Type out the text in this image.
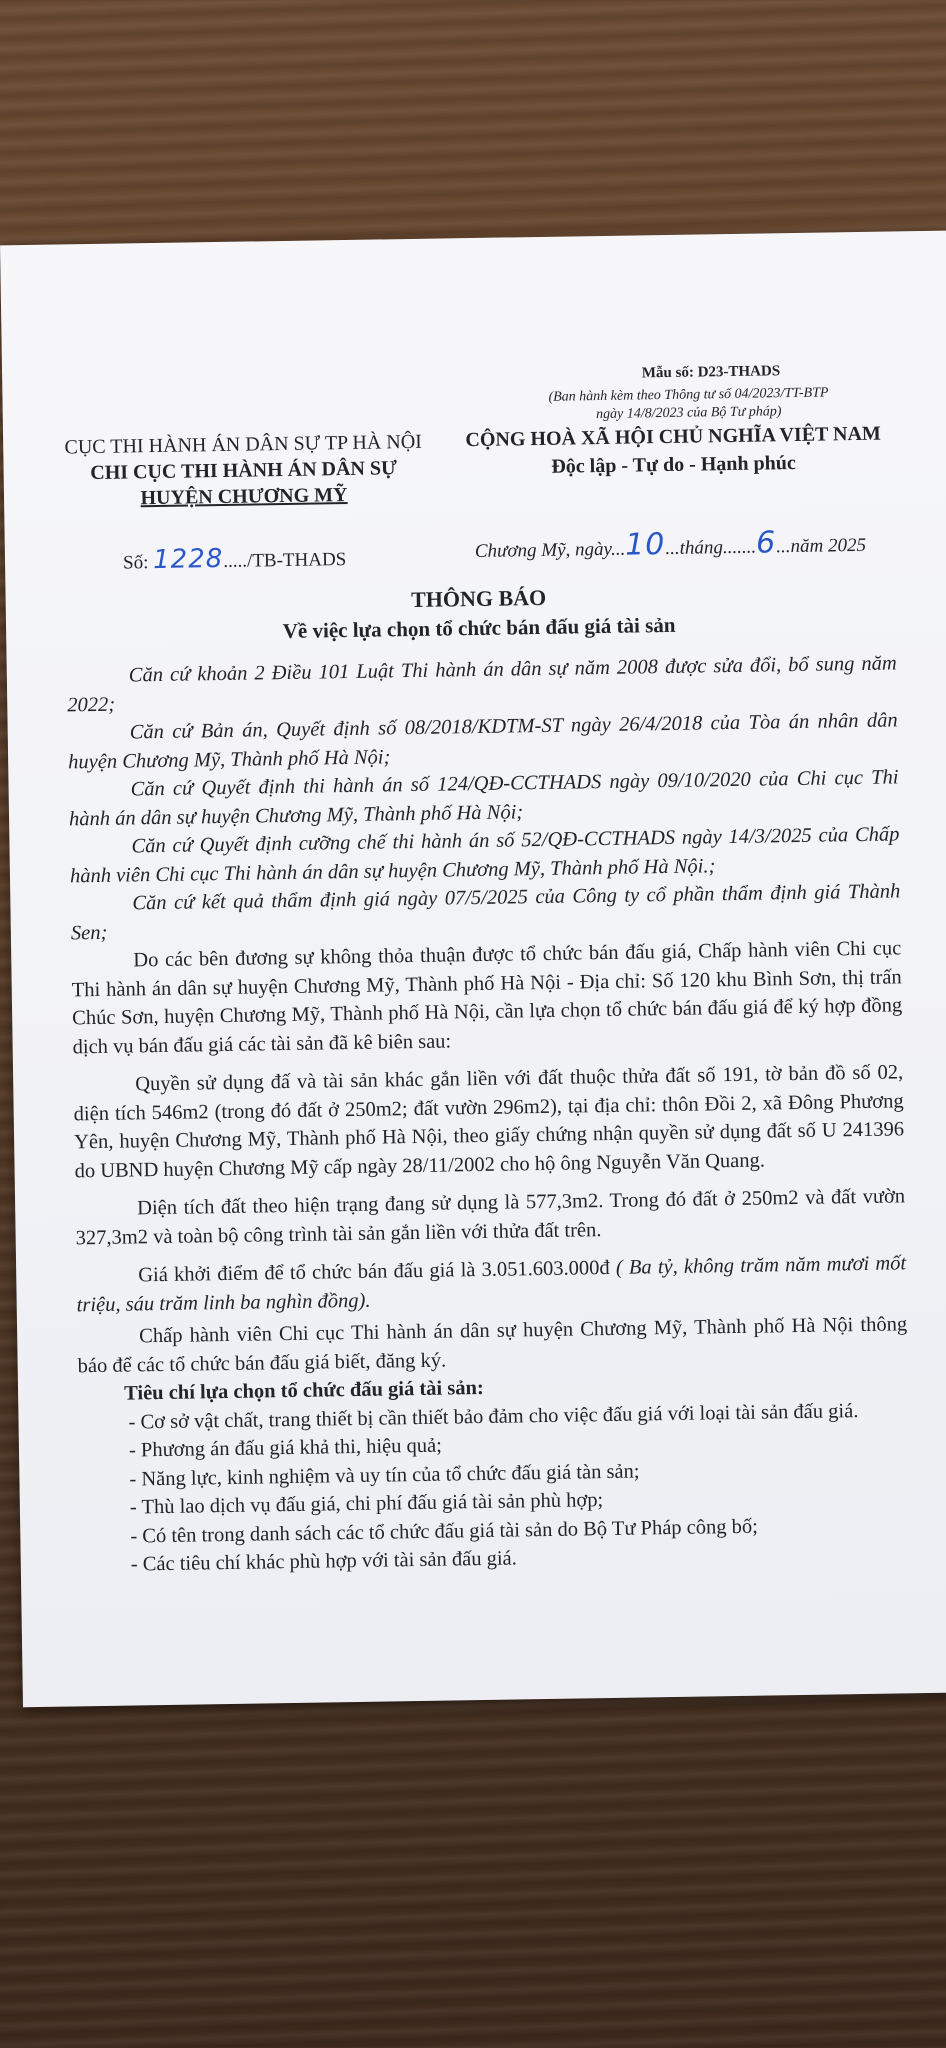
Mẫu số: D23-THADS
(Ban hành kèm theo Thông tư số 04/2023/TT-BTP
ngày 14/8/2023 của Bộ Tư pháp)
CỤC THI HÀNH ÁN DÂN SỰ TP HÀ NỘI
CHI CỤC THI HÀNH ÁN DÂN SỰ
HUYỆN CHƯƠNG MỸ
CỘNG HOÀ XÃ HỘI CHỦ NGHĨA VIỆT NAM
Độc lập - Tự do - Hạnh phúc
Số: 1228...../TB-THADS	Chương Mỹ, ngày...10...tháng.......6...năm 2025
THÔNG BÁO
Về việc lựa chọn tổ chức bán đấu giá tài sản

Căn cứ khoản 2 Điều 101 Luật Thi hành án dân sự năm 2008 được sửa đổi, bổ sung năm 2022;

Căn cứ Bản án, Quyết định số 08/2018/KDTM-ST ngày 26/4/2018 của Tòa án nhân dân huyện Chương Mỹ, Thành phố Hà Nội;

Căn cứ Quyết định thi hành án số 124/QĐ-CCTHADS ngày 09/10/2020 của Chi cục Thi hành án dân sự huyện Chương Mỹ, Thành phố Hà Nội;

Căn cứ Quyết định cưỡng chế thi hành án số 52/QĐ-CCTHADS ngày 14/3/2025 của Chấp hành viên Chi cục Thi hành án dân sự huyện Chương Mỹ, Thành phố Hà Nội.;

Căn cứ kết quả thẩm định giá ngày 07/5/2025 của Công ty cổ phần thẩm định giá Thành Sen;

Do các bên đương sự không thỏa thuận được tổ chức bán đấu giá, Chấp hành viên Chi cục Thi hành án dân sự huyện Chương Mỹ, Thành phố Hà Nội - Địa chỉ: Số 120 khu Bình Sơn, thị trấn Chúc Sơn, huyện Chương Mỹ, Thành phố Hà Nội, cần lựa chọn tổ chức bán đấu giá để ký hợp đồng dịch vụ bán đấu giá các tài sản đã kê biên sau:

Quyền sử dụng đấ và tài sản khác gắn liền với đất thuộc thửa đất số 191, tờ bản đồ số 02, diện tích 546m2 (trong đó đất ở 250m2; đất vườn 296m2), tại địa chỉ: thôn Đồi 2, xã Đông Phương Yên, huyện Chương Mỹ, Thành phố Hà Nội, theo giấy chứng nhận quyền sử dụng đất số U 241396 do UBND huyện Chương Mỹ cấp ngày 28/11/2002 cho hộ ông Nguyễn Văn Quang.

Diện tích đất theo hiện trạng đang sử dụng là 577,3m2. Trong đó đất ở 250m2 và đất vườn 327,3m2 và toàn bộ công trình tài sản gắn liền với thửa đất trên.

Giá khởi điểm để tổ chức bán đấu giá là 3.051.603.000đ ( Ba tỷ, không trăm năm mươi mốt triệu, sáu trăm linh ba nghìn đồng).

Chấp hành viên Chi cục Thi hành án dân sự huyện Chương Mỹ, Thành phố Hà Nội thông báo để các tổ chức bán đấu giá biết, đăng ký.

Tiêu chí lựa chọn tổ chức đấu giá tài sản:

- Cơ sở vật chất, trang thiết bị cần thiết bảo đảm cho việc đấu giá với loại tài sản đấu giá.

- Phương án đấu giá khả thi, hiệu quả;

- Năng lực, kinh nghiệm và uy tín của tổ chức đấu giá tàn sản;

- Thù lao dịch vụ đấu giá, chi phí đấu giá tài sản phù hợp;

- Có tên trong danh sách các tổ chức đấu giá tài sản do Bộ Tư Pháp công bố;

- Các tiêu chí khác phù hợp với tài sản đấu giá.
